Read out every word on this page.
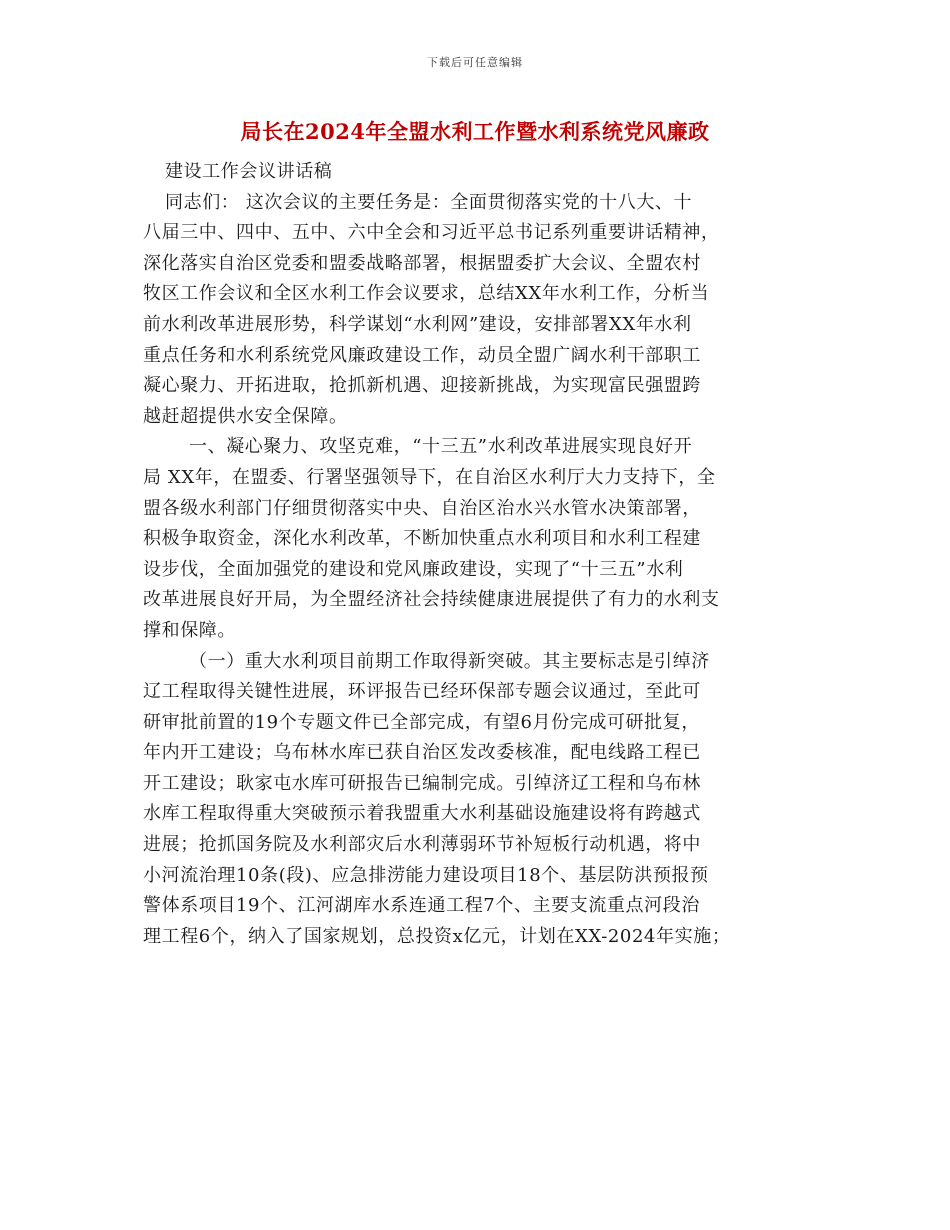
下载后可任意编辑
局长在2024年全盟水利工作暨水利系统党风廉政
建设工作会议讲话稿
同志们： 这次会议的主要任务是：全面贯彻落实党的十八大、十
八届三中、四中、五中、六中全会和习近平总书记系列重要讲话精神，
深化落实自治区党委和盟委战略部署，根据盟委扩大会议、全盟农村
牧区工作会议和全区水利工作会议要求，总结XX年水利工作，分析当
前水利改革进展形势，科学谋划“水利网”建设，安排部署XX年水利
重点任务和水利系统党风廉政建设工作，动员全盟广阔水利干部职工
凝心聚力、开拓进取，抢抓新机遇、迎接新挑战，为实现富民强盟跨
越赶超提供水安全保障。
一、凝心聚力、攻坚克难，“十三五”水利改革进展实现良好开
局 XX年，在盟委、行署坚强领导下，在自治区水利厅大力支持下，全
盟各级水利部门仔细贯彻落实中央、自治区治水兴水管水决策部署，
积极争取资金，深化水利改革，不断加快重点水利项目和水利工程建
设步伐，全面加强党的建设和党风廉政建设，实现了“十三五”水利
改革进展良好开局，为全盟经济社会持续健康进展提供了有力的水利支
撑和保障。
（一）重大水利项目前期工作取得新突破。其主要标志是引绰济
辽工程取得关键性进展，环评报告已经环保部专题会议通过，至此可
研审批前置的19个专题文件已全部完成，有望6月份完成可研批复，
年内开工建设；乌布林水库已获自治区发改委核准，配电线路工程已
开工建设；耿家屯水库可研报告已编制完成。引绰济辽工程和乌布林
水库工程取得重大突破预示着我盟重大水利基础设施建设将有跨越式
进展；抢抓国务院及水利部灾后水利薄弱环节补短板行动机遇，将中
小河流治理10条(段)、应急排涝能力建设项目18个、基层防洪预报预
警体系项目19个、江河湖库水系连通工程7个、主要支流重点河段治
理工程6个，纳入了国家规划，总投资x亿元，计划在XX-2024年实施；
